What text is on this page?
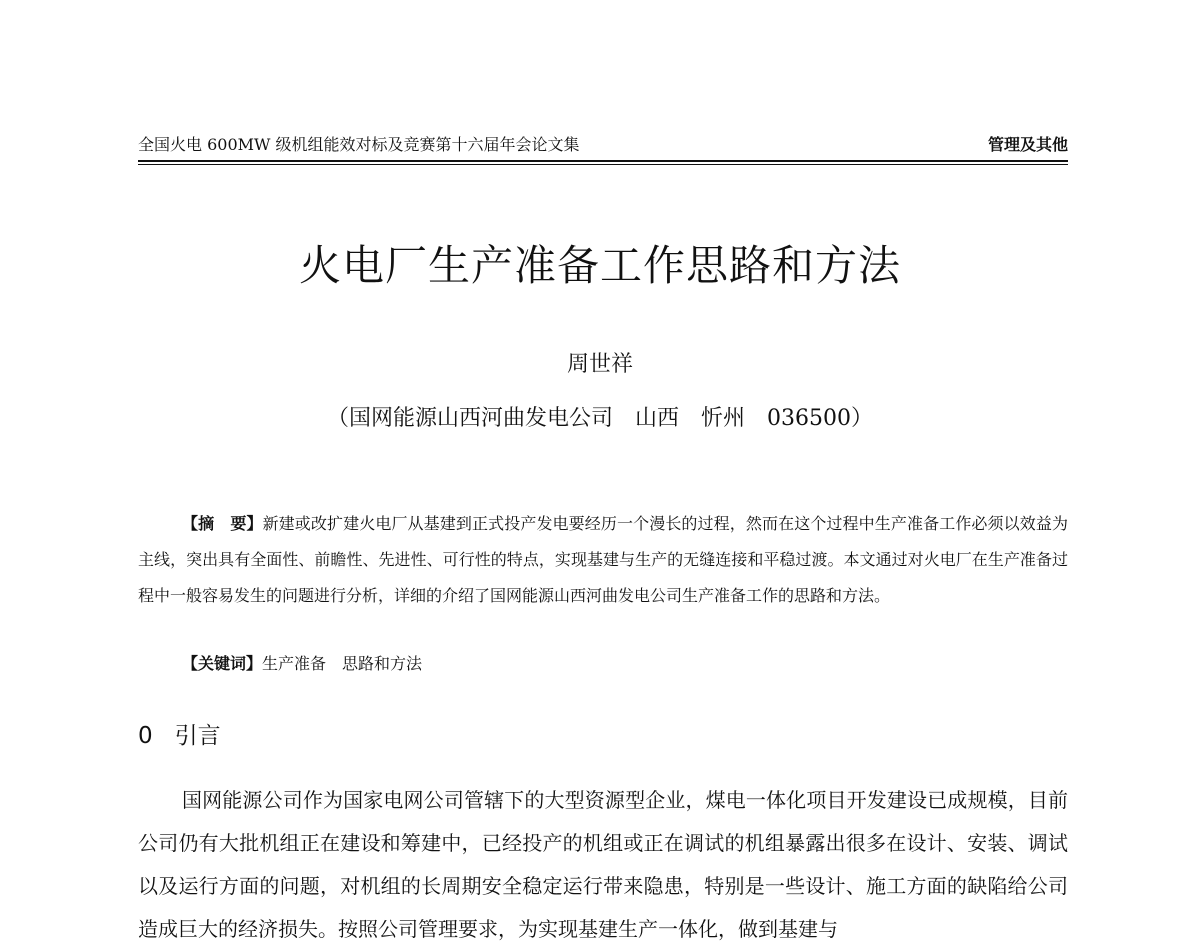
全国火电 600MW 级机组能效对标及竞赛第十六届年会论文集	管理及其他
火电厂生产准备工作思路和方法
周世祥
（国网能源山西河曲发电公司　山西　忻州　036500）
【摘　要】新建或改扩建火电厂从基建到正式投产发电要经历一个漫长的过程，然而在这个过程中生产准备工作必须以效益为主线，突出具有全面性、前瞻性、先进性、可行性的特点，实现基建与生产的无缝连接和平稳过渡。本文通过对火电厂在生产准备过程中一般容易发生的问题进行分析，详细的介绍了国网能源山西河曲发电公司生产准备工作的思路和方法。
【关键词】生产准备　思路和方法
0 引言
国网能源公司作为国家电网公司管辖下的大型资源型企业，煤电一体化项目开发建设已成规模，目前公司仍有大批机组正在建设和筹建中，已经投产的机组或正在调试的机组暴露出很多在设计、安装、调试以及运行方面的问题，对机组的长周期安全稳定运行带来隐患，特别是一些设计、施工方面的缺陷给公司造成巨大的经济损失。按照公司管理要求，为实现基建生产一体化，做到基建与
